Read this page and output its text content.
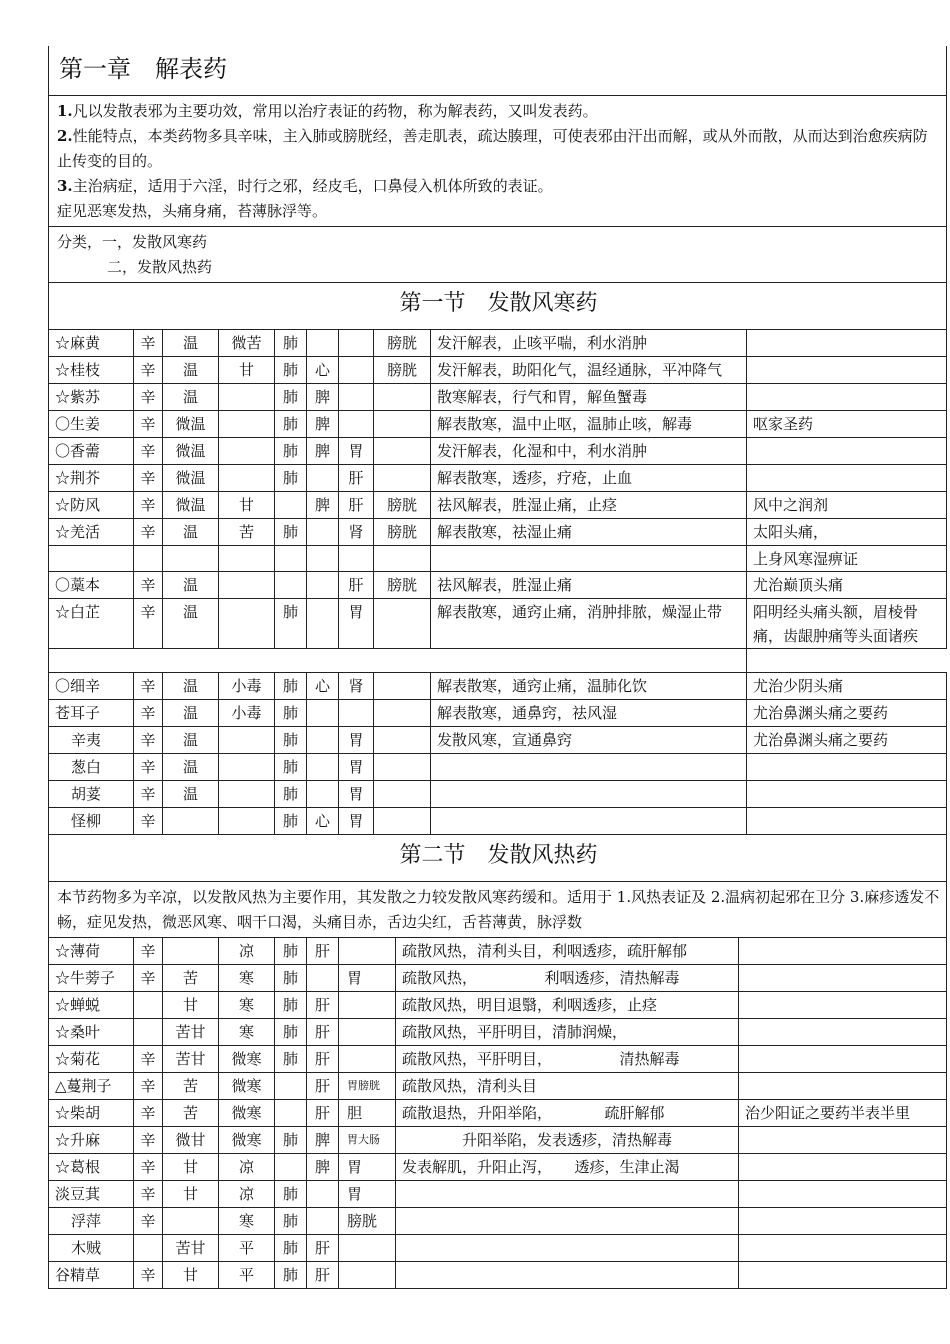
第一章　解表药									

1.凡以发散表邪为主要功效，常用以治疗表证的药物，称为解表药，又叫发表药。
2.性能特点，本类药物多具辛味，主入肺或膀胱经，善走肌表，疏达腠理，可使表邪由汗出而解，或从外而散，从而达到治愈疾病防止传变的目的。
3.主治病症，适用于六淫，时行之邪，经皮毛，口鼻侵入机体所致的表证。
症见恶寒发热，头痛身痛，苔薄脉浮等。									

分类，一，发散风寒药
二，发散风热药									

第一节　发散风寒药									
☆麻黄	辛	温	微苦	肺			膀胱	发汗解表，止咳平喘，利水消肿	
☆桂枝	辛	温	甘	肺	心		膀胱	发汗解表，助阳化气，温经通脉，平冲降气	
☆紫苏	辛	温		肺	脾			散寒解表，行气和胃，解鱼蟹毒	
〇生姜	辛	微温		肺	脾			解表散寒，温中止呕，温肺止咳，解毒	呕家圣药
〇香薷	辛	微温		肺	脾	胃		发汗解表，化湿和中，利水消肿	
☆荆芥	辛	微温		肺		肝		解表散寒，透疹，疗疮，止血	
☆防风	辛	微温	甘		脾	肝	膀胱	祛风解表，胜湿止痛，止痉	风中之润剂
☆羌活	辛	温	苦	肺		肾	膀胱	解表散寒，祛湿止痛	太阳头痛，
									上身风寒湿痹证
〇藁本	辛	温				肝	膀胱	祛风解表，胜湿止痛	尤治巅顶头痛
☆白芷	辛	温		肺		胃		解表散寒，通窍止痛，消肿排脓，燥湿止带	阳明经头痛头额，眉棱骨痛，齿龈肿痛等头面诸疾

〇细辛	辛	温	小毒	肺	心	肾		解表散寒，通窍止痛，温肺化饮	尤治少阴头痛
苍耳子	辛	温	小毒	肺				解表散寒，通鼻窍，祛风湿	尤治鼻渊头痛之要药
辛夷	辛	温		肺		胃		发散风寒，宣通鼻窍	尤治鼻渊头痛之要药
葱白	辛	温		肺		胃			
胡荽	辛	温		肺		胃			
怪柳	辛			肺	心	胃			
第二节　发散风热药								
本节药物多为辛凉，以发散风热为主要作用，其发散之力较发散风寒药缓和。适用于 1.风热表证及 2.温病初起邪在卫分 3.麻疹透发不畅，症见发热，微恶风寒、咽干口渴，头痛目赤，舌边尖红，舌苔薄黄，脉浮数								
☆薄荷	辛		凉	肺	肝		疏散风热，清利头目，利咽透疹，疏肝解郁	
☆牛蒡子	辛	苦	寒	肺		胃	疏散风热，　　　　　利咽透疹，清热解毒	
☆蝉蜕		甘	寒	肺	肝		疏散风热，明目退翳，利咽透疹，止痉	
☆桑叶		苦甘	寒	肺	肝		疏散风热，平肝明目，清肺润燥，	
☆菊花	辛	苦甘	微寒	肺	肝		疏散风热，平肝明目，　　　　　清热解毒	
△蔓荆子	辛	苦	微寒		肝	胃膀胱	疏散风热，清利头目	
☆柴胡	辛	苦	微寒		肝	胆	疏散退热，升阳举陷，　　　　疏肝解郁	治少阳证之要药半表半里
☆升麻	辛	微甘	微寒	肺	脾	胃大肠	　　　　升阳举陷，发表透疹，清热解毒	
☆葛根	辛	甘	凉		脾	胃	发表解肌，升阳止泻，　　透疹，生津止渴	
淡豆萁	辛	甘	凉	肺		胃		
浮萍	辛		寒	肺		膀胱		
木贼		苦甘	平	肺	肝			
谷精草	辛	甘	平	肺	肝			
